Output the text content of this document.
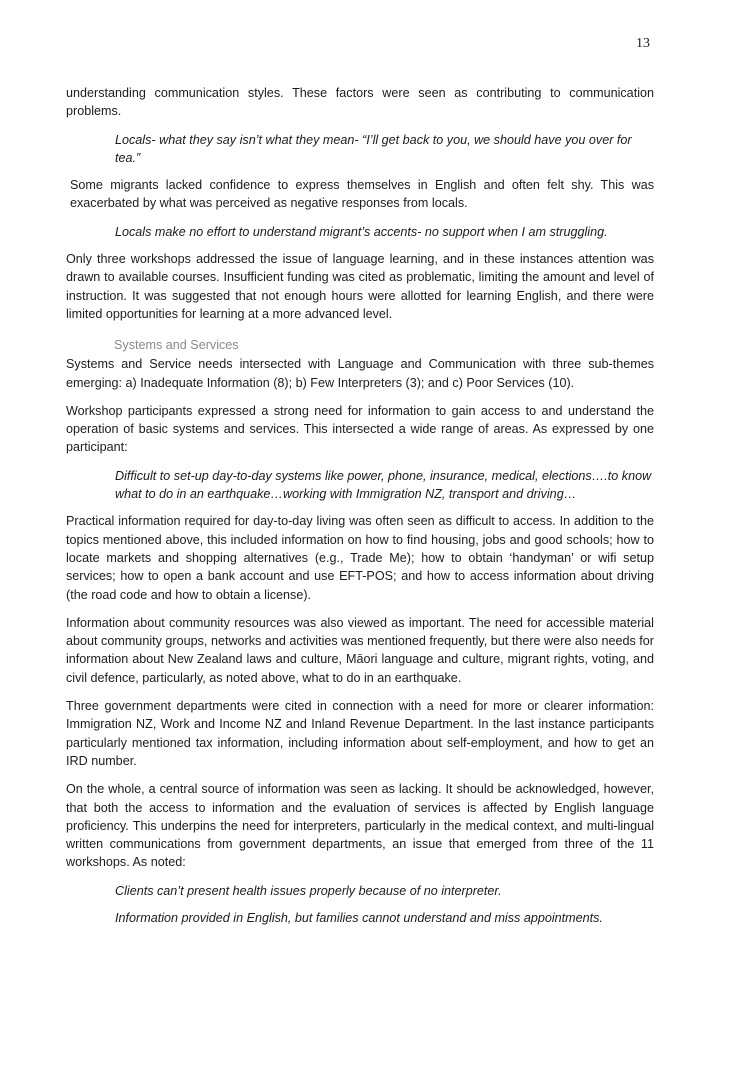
13

understanding communication styles. These factors were seen as contributing to communication problems.

Locals- what they say isn’t what they mean- “I’ll get back to you, we should have you over for tea.”

Some migrants lacked confidence to express themselves in English and often felt shy. This was exacerbated by what was perceived as negative responses from locals.

Locals make no effort to understand migrant’s accents- no support when I am struggling.

Only three workshops addressed the issue of language learning, and in these instances attention was drawn to available courses. Insufficient funding was cited as problematic, limiting the amount and level of instruction. It was suggested that not enough hours were allotted for learning English, and there were limited opportunities for learning at a more advanced level.

Systems and Services

Systems and Service needs intersected with Language and Communication with three sub-themes emerging: a) Inadequate Information (8); b) Few Interpreters (3); and c) Poor Services (10).

Workshop participants expressed a strong need for information to gain access to and understand the operation of basic systems and services. This intersected a wide range of areas. As expressed by one participant:

Difficult to set-up day-to-day systems like power, phone, insurance, medical, elections….to know what to do in an earthquake…working with Immigration NZ, transport and driving…

Practical information required for day-to-day living was often seen as difficult to access. In addition to the topics mentioned above, this included information on how to find housing, jobs and good schools; how to locate markets and shopping alternatives (e.g., Trade Me); how to obtain ‘handyman’ or wifi setup services; how to open a bank account and use EFT-POS; and how to access information about driving (the road code and how to obtain a license).

Information about community resources was also viewed as important. The need for accessible material about community groups, networks and activities was mentioned frequently, but there were also needs for information about New Zealand laws and culture, Māori language and culture, migrant rights, voting, and civil defence, particularly, as noted above, what to do in an earthquake.

Three government departments were cited in connection with a need for more or clearer information: Immigration NZ, Work and Income NZ and Inland Revenue Department. In the last instance participants particularly mentioned tax information, including information about self-employment, and how to get an IRD number.

On the whole, a central source of information was seen as lacking. It should be acknowledged, however, that both the access to information and the evaluation of services is affected by English language proficiency. This underpins the need for interpreters, particularly in the medical context, and multi-lingual written communications from government departments, an issue that emerged from three of the 11 workshops. As noted:

Clients can’t present health issues properly because of no interpreter.

Information provided in English, but families cannot understand and miss appointments.
